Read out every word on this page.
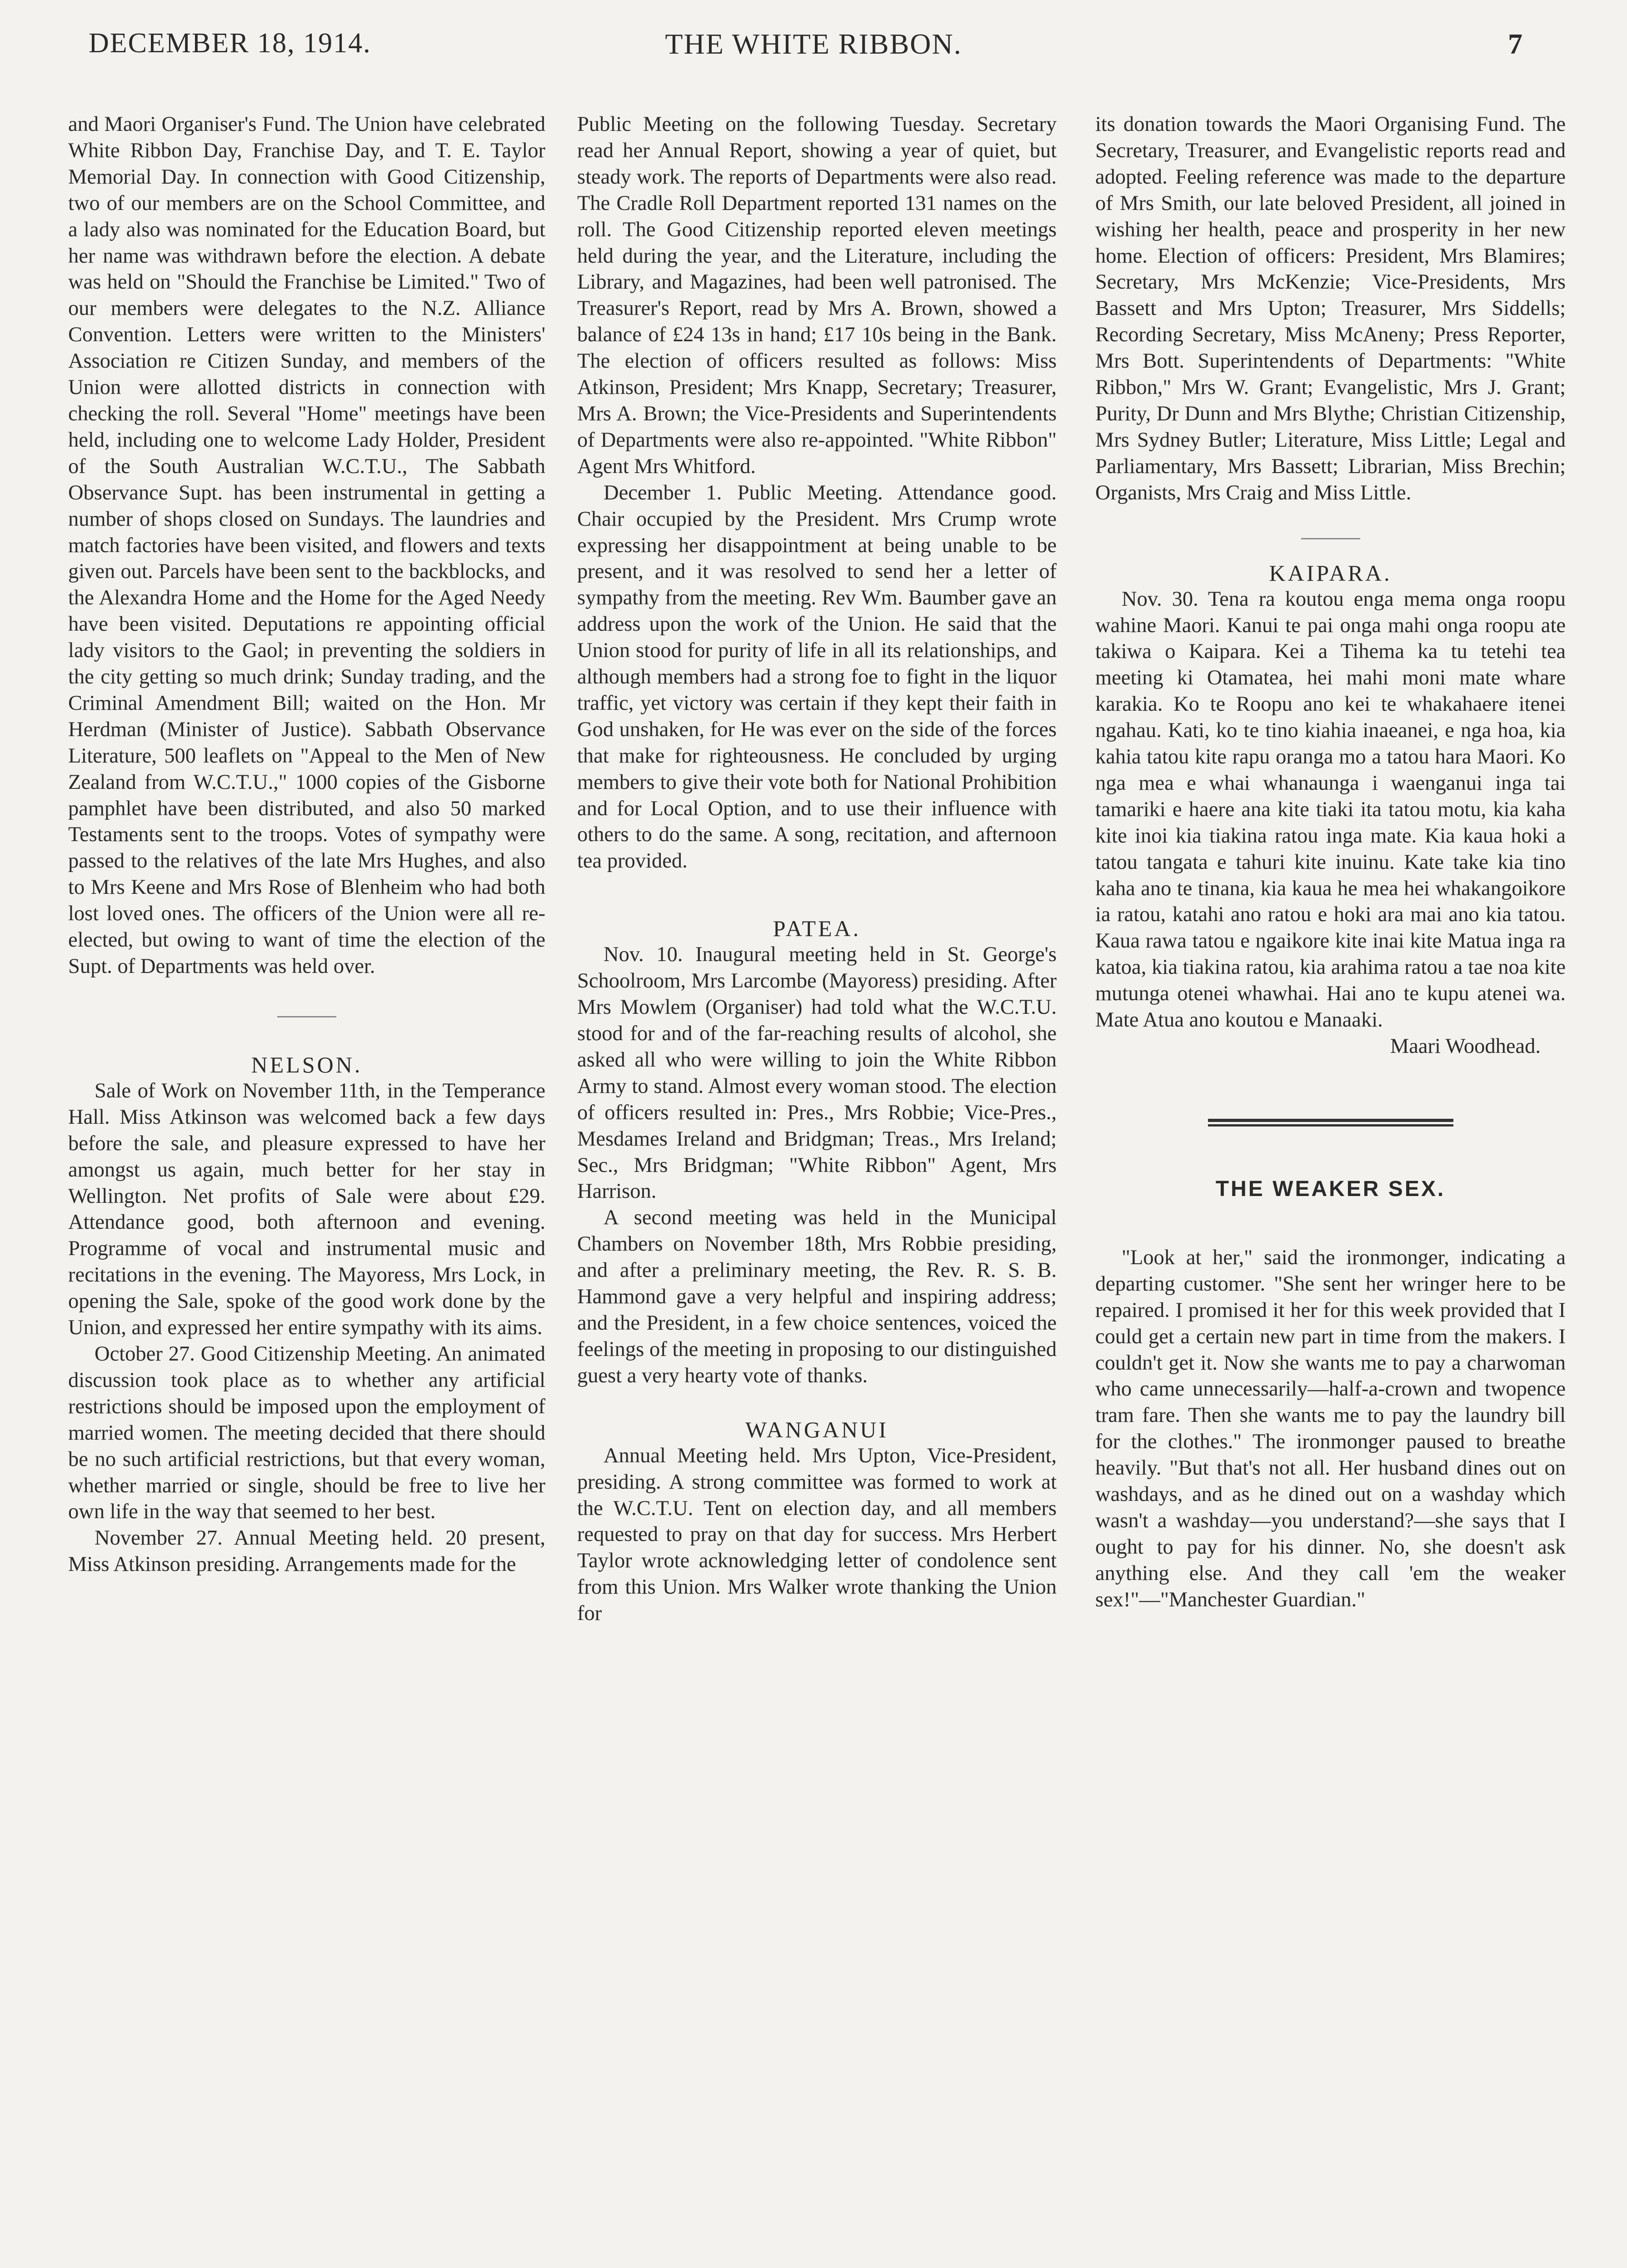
THE WHITE RIBBON.
DECEMBER 18, 1914.	7

and Maori Organiser's Fund. The Union have celebrated White Ribbon Day, Franchise Day, and T. E. Taylor Memorial Day. In connection with Good Citizenship, two of our members are on the School Committee, and a lady also was nominated for the Education Board, but her name was withdrawn before the election. A debate was held on "Should the Franchise be Limited." Two of our members were delegates to the N.Z. Alliance Convention. Letters were written to the Ministers' Association re Citizen Sunday, and members of the Union were allotted districts in connection with checking the roll. Several "Home" meetings have been held, including one to welcome Lady Holder, President of the South Australian W.C.T.U., The Sabbath Observance Supt. has been instrumental in getting a number of shops closed on Sundays. The laundries and match factories have been visited, and flowers and texts given out. Parcels have been sent to the backblocks, and the Alexandra Home and the Home for the Aged Needy have been visited. Deputations re appointing official lady visitors to the Gaol; in preventing the soldiers in the city getting so much drink; Sunday trading, and the Criminal Amendment Bill; waited on the Hon. Mr Herdman (Minister of Justice). Sabbath Observance Literature, 500 leaflets on "Appeal to the Men of New Zealand from W.C.T.U.," 1000 copies of the Gisborne pamphlet have been distributed, and also 50 marked Testaments sent to the troops. Votes of sympathy were passed to the relatives of the late Mrs Hughes, and also to Mrs Keene and Mrs Rose of Blenheim who had both lost loved ones. The officers of the Union were all re-elected, but owing to want of time the election of the Supt. of Departments was held over.

NELSON.

Sale of Work on November 11th, in the Temperance Hall. Miss Atkinson was welcomed back a few days before the sale, and pleasure expressed to have her amongst us again, much better for her stay in Wellington. Net profits of Sale were about £29. Attendance good, both afternoon and evening. Programme of vocal and instrumental music and recitations in the evening. The Mayoress, Mrs Lock, in opening the Sale, spoke of the good work done by the Union, and expressed her entire sympathy with its aims.

October 27. Good Citizenship Meeting. An animated discussion took place as to whether any artificial restrictions should be imposed upon the employment of married women. The meeting decided that there should be no such artificial restrictions, but that every woman, whether married or single, should be free to live her own life in the way that seemed to her best.

November 27. Annual Meeting held. 20 present, Miss Atkinson presiding. Arrangements made for the

Public Meeting on the following Tuesday. Secretary read her Annual Report, showing a year of quiet, but steady work. The reports of Departments were also read. The Cradle Roll Department reported 131 names on the roll. The Good Citizenship reported eleven meetings held during the year, and the Literature, including the Library, and Magazines, had been well patronised. The Treasurer's Report, read by Mrs A. Brown, showed a balance of £24 13s in hand; £17 10s being in the Bank. The election of officers resulted as follows: Miss Atkinson, President; Mrs Knapp, Secretary; Treasurer, Mrs A. Brown; the Vice-Presidents and Superintendents of Departments were also re-appointed. "White Ribbon" Agent Mrs Whitford.

December 1. Public Meeting. Attendance good. Chair occupied by the President. Mrs Crump wrote expressing her disappointment at being unable to be present, and it was resolved to send her a letter of sympathy from the meeting. Rev Wm. Baumber gave an address upon the work of the Union. He said that the Union stood for purity of life in all its relationships, and although members had a strong foe to fight in the liquor traffic, yet victory was certain if they kept their faith in God unshaken, for He was ever on the side of the forces that make for righteousness. He concluded by urging members to give their vote both for National Prohibition and for Local Option, and to use their influence with others to do the same. A song, recitation, and afternoon tea provided.

PATEA.

Nov. 10. Inaugural meeting held in St. George's Schoolroom, Mrs Larcombe (Mayoress) presiding. After Mrs Mowlem (Organiser) had told what the W.C.T.U. stood for and of the far-reaching results of alcohol, she asked all who were willing to join the White Ribbon Army to stand. Almost every woman stood. The election of officers resulted in: Pres., Mrs Robbie; Vice-Pres., Mesdames Ireland and Bridgman; Treas., Mrs Ireland; Sec., Mrs Bridgman; "White Ribbon" Agent, Mrs Harrison.

A second meeting was held in the Municipal Chambers on November 18th, Mrs Robbie presiding, and after a preliminary meeting, the Rev. R. S. B. Hammond gave a very helpful and inspiring address; and the President, in a few choice sentences, voiced the feelings of the meeting in proposing to our distinguished guest a very hearty vote of thanks.

WANGANUI

Annual Meeting held. Mrs Upton, Vice-President, presiding. A strong committee was formed to work at the W.C.T.U. Tent on election day, and all members requested to pray on that day for success. Mrs Herbert Taylor wrote acknowledging letter of condolence sent from this Union. Mrs Walker wrote thanking the Union for

its donation towards the Maori Organising Fund. The Secretary, Treasurer, and Evangelistic reports read and adopted. Feeling reference was made to the departure of Mrs Smith, our late beloved President, all joined in wishing her health, peace and prosperity in her new home. Election of officers: President, Mrs Blamires; Secretary, Mrs McKenzie; Vice-Presidents, Mrs Bassett and Mrs Upton; Treasurer, Mrs Siddells; Recording Secretary, Miss McAneny; Press Reporter, Mrs Bott. Superintendents of Departments: "White Ribbon," Mrs W. Grant; Evangelistic, Mrs J. Grant; Purity, Dr Dunn and Mrs Blythe; Christian Citizenship, Mrs Sydney Butler; Literature, Miss Little; Legal and Parliamentary, Mrs Bassett; Librarian, Miss Brechin; Organists, Mrs Craig and Miss Little.

KAIPARA.

Nov. 30. Tena ra koutou enga mema onga roopu wahine Maori. Kanui te pai onga mahi onga roopu ate takiwa o Kaipara. Kei a Tihema ka tu tetehi tea meeting ki Otamatea, hei mahi moni mate whare karakia. Ko te Roopu ano kei te whakahaere itenei ngahau. Kati, ko te tino kiahia inaeanei, e nga hoa, kia kahia tatou kite rapu oranga mo a tatou hara Maori. Ko nga mea e whai whanaunga i waenganui inga tai tamariki e haere ana kite tiaki ita tatou motu, kia kaha kite inoi kia tiakina ratou inga mate. Kia kaua hoki a tatou tangata e tahuri kite inuinu. Kate take kia tino kaha ano te tinana, kia kaua he mea hei whakangoikore ia ratou, katahi ano ratou e hoki ara mai ano kia tatou. Kaua rawa tatou e ngaikore kite inai kite Matua inga ra katoa, kia tiakina ratou, kia arahima ratou a tae noa kite mutunga otenei whawhai. Hai ano te kupu atenei wa. Mate Atua ano koutou e Manaaki.

Maari Woodhead.

THE WEAKER SEX.

"Look at her," said the ironmonger, indicating a departing customer. "She sent her wringer here to be repaired. I promised it her for this week provided that I could get a certain new part in time from the makers. I couldn't get it. Now she wants me to pay a charwoman who came unnecessarily—half-a-crown and twopence tram fare. Then she wants me to pay the laundry bill for the clothes." The ironmonger paused to breathe heavily. "But that's not all. Her husband dines out on washdays, and as he dined out on a washday which wasn't a washday—you understand?—she says that I ought to pay for his dinner. No, she doesn't ask anything else. And they call 'em the weaker sex!"—"Manchester Guardian."
